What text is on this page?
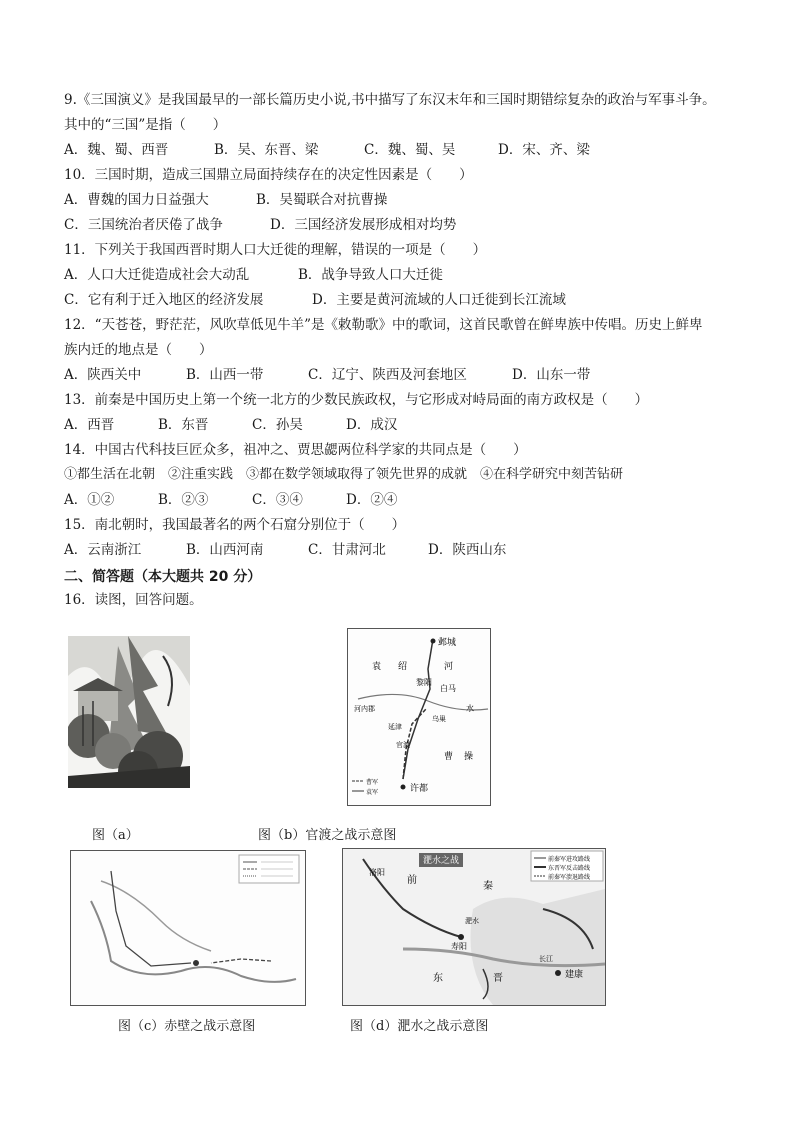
9.《三国演义》是我国最早的一部长篇历史小说,书中描写了东汉末年和三国时期错综复杂的政治与军事斗争。
其中的“三国”是指（　　）
A．魏、蜀、西晋	B．吴、东晋、梁	C．魏、蜀、吴	D．宋、齐、梁
10．三国时期，造成三国鼎立局面持续存在的决定性因素是（　　）
A．曹魏的国力日益强大	B．吴蜀联合对抗曹操
C．三国统治者厌倦了战争	D．三国经济发展形成相对均势
11．下列关于我国西晋时期人口大迁徙的理解，错误的一项是（　　）
A．人口大迁徙造成社会大动乱	B．战争导致人口大迁徙
C．它有利于迁入地区的经济发展	D．主要是黄河流域的人口迁徙到长江流域
12．“天苍苍，野茫茫，风吹草低见牛羊”是《敕勒歌》中的歌词，这首民歌曾在鲜卑族中传唱。历史上鲜卑
族内迁的地点是（　　）
A．陕西关中	B．山西一带	C．辽宁、陕西及河套地区	D．山东一带
13．前秦是中国历史上第一个统一北方的少数民族政权，与它形成对峙局面的南方政权是（　　）
A．西晋	B．东晋	C．孙吴	D．成汉
14．中国古代科技巨匠众多，祖冲之、贾思勰两位科学家的共同点是（　　）
①都生活在北朝　②注重实践　③都在数学领域取得了领先世界的成就　④在科学研究中刻苦钻研
A．①②	B．②③	C．③④	D．②④
15．南北朝时，我国最著名的两个石窟分别位于（　　）
A．云南浙江	B．山西河南	C．甘肃河北	D．陕西山东
二、简答题（本大题共 20 分）
16．读图，回答问题。
图（a）
邺城
袁 绍
黎阳
白马
河
水
河内郡
乌巢
延津
官渡
曹 操
许都
曹军
袁军
图（b）官渡之战示意图
图（c）赤壁之战示意图
淝水之战
洛阳
前
秦
寿阳
淝水
东	晋	建康
长江
前秦军进攻路线
东晋军反击路线
前秦军溃退路线
图（d）淝水之战示意图
